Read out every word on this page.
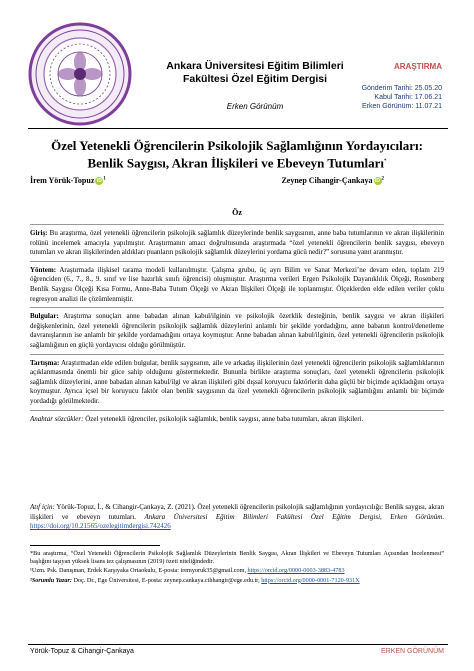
Ankara Üniversitesi Eğitim Bilimleri
Fakültesi Özel Eğitim Dergisi
Erken Görünüm
ARAŞTIRMA
Gönderim Tarihi: 25.05.20
Kabul Tarihi: 17.06.21
Erken Görünüm: 11.07.21
Özel Yetenekli Öğrencilerin Psikolojik Sağlamlığının Yordayıcıları:
Benlik Saygısı, Akran İlişkileri ve Ebeveyn Tutumları*
İrem Yörük-Topuz iD $^1$	Zeynep Cihangir-Çankaya iD $^2$
Öz

Giriş: Bu araştırma, özel yetenekli öğrencilerin psikolojik sağlamlık düzeylerinde benlik saygısının, anne baba tutumlarının ve akran ilişkilerinin rolünü incelemek amacıyla yapılmıştır. Araştırmanın amacı doğrultusunda araştırmada “özel yetenekli öğrencilerin benlik saygısı, ebeveyn tutumları ve akran ilişkilerinden aldıkları puanların psikolojik sağlamlık düzeylerini yordama gücü nedir?” sorusuna yanıt aranmıştır.

Yöntem: Araştırmada ilişkisel tarama modeli kullanılmıştır. Çalışma grubu, üç ayrı Bilim ve Sanat Merkezi’ne devam eden, toplam 219 öğrenciden (6., 7., 8., 9. sınıf ve lise hazırlık sınıfı öğrencisi) oluşmuştur. Araştırma verileri Ergen Psikolojik Dayanıklılık Ölçeği, Rosenberg Benlik Saygısı Ölçeği Kısa Formu, Anne-Baba Tutum Ölçeği ve Akran İlişkileri Ölçeği ile toplanmıştır. Ölçeklerden elde edilen veriler çoklu regresyon analizi ile çözümlenmiştir.

Bulgular: Araştırma sonuçları anne babadan alınan kabul/ilginin ve psikolojik özerklik desteğinin, benlik saygısı ve akran ilişkileri değişkenlerinin, özel yetenekli öğrencilerin psikolojik sağlamlık düzeylerini anlamlı bir şekilde yordadığını, anne babanın kontrol/denetleme davranışlarının ise anlamlı bir şekilde yordamadığını ortaya koymuştur. Anne babadan alınan kabul/ilginin, özel yetenekli öğrencilerin psikolojik sağlamlığının en güçlü yordayıcısı olduğu görülmüştür.

Tartışma: Araştırmadan elde edilen bulgular, benlik saygısının, aile ve arkadaş ilişkilerinin özel yetenekli öğrencilerin psikolojik sağlamlıklarının açıklanmasında önemli bir güce sahip olduğunu göstermektedir. Bununla birlikte araştırma sonuçları, özel yetenekli öğrencilerin psikolojik sağlamlık düzeylerini, anne babadan alınan kabul/ilgi ve akran ilişkileri gibi dışsal koruyucu faktörlerin daha güçlü bir biçimde açıkladığını ortaya koymuştur. Ayrıca içsel bir koruyucu faktör olan benlik saygısının da özel yetenekli öğrencilerin psikolojik sağlamlığını anlamlı bir biçimde yordadığı görülmektedir.

Anahtar sözcükler: Özel yetenekli öğrenciler, psikolojik sağlamlık, benlik saygısı, anne baba tutumları, akran ilişkileri.

Atıf için: Yörük-Topuz, İ., & Cihangir-Çankaya, Z. (2021). Özel yetenekli öğrencilerin psikolojik sağlamlığının yordayıcılığı: Benlik saygısı, akran ilişkileri ve ebeveyn tutumları. Ankara Üniversitesi Eğitim Bilimleri Fakültesi Özel Eğitim Dergisi, Erken Görünüm. https://doi.org/10.21565/ozelegitimdergisi.742426

*Bu araştırma, “Özel Yetenekli Öğrencilerin Psikolojik Sağlamlık Düzeylerinin Benlik Saygısı, Akran İlişkileri ve Ebeveyn Tutumları Açısından İncelenmesi” başlığını taşıyan yüksek lisans tez çalışmasının (2019) özeti niteliğindedir.

¹Uzm. Psk. Danışman, Erdek Karşıyaka Ortaokulu, E-posta: iremyoruk35@gmail.com, https://orcid.org/0000-0003-3883-4783

²Sorumlu Yazar: Doç. Dr., Ege Üniversitesi, E-posta: zeynep.cankaya.cihhangir@ege.edu.tr, https://orcid.org/0000-0001-7120-931X

Yörük-Topuz & Cihangir-Çankaya	ERKEN GÖRÜNÜM
